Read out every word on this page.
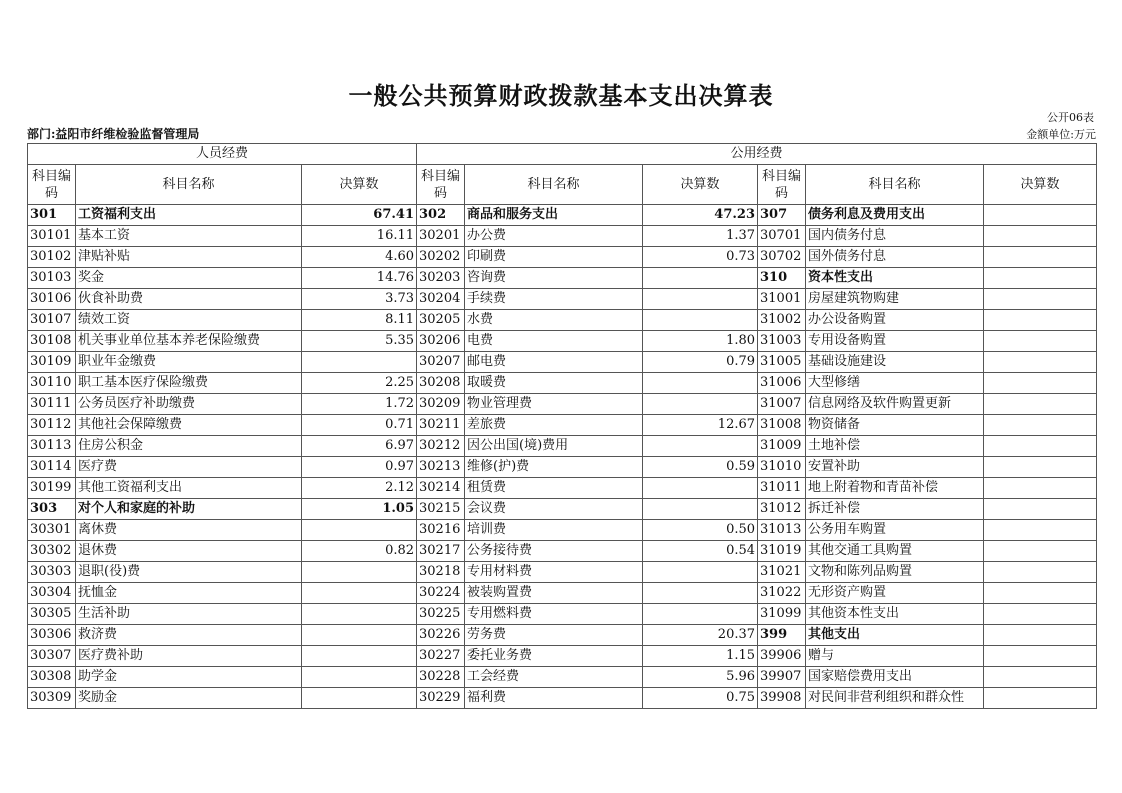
一般公共预算财政拨款基本支出决算表
公开06表
部门:益阳市纤维检验监督管理局	金额单位:万元
人员经费			公用经费					
科目编码	科目名称	决算数	科目编码	科目名称	决算数	科目编码	科目名称	决算数
301	工资福利支出	67.41	302	商品和服务支出	47.23	307	债务利息及费用支出	
30101	基本工资	16.11	30201	办公费	1.37	30701	国内债务付息	
30102	津贴补贴	4.60	30202	印刷费	0.73	30702	国外债务付息	
30103	奖金	14.76	30203	咨询费		310	资本性支出	
30106	伙食补助费	3.73	30204	手续费		31001	房屋建筑物购建	
30107	绩效工资	8.11	30205	水费		31002	办公设备购置	
30108	机关事业单位基本养老保险缴费	5.35	30206	电费	1.80	31003	专用设备购置	
30109	职业年金缴费		30207	邮电费	0.79	31005	基础设施建设	
30110	职工基本医疗保险缴费	2.25	30208	取暖费		31006	大型修缮	
30111	公务员医疗补助缴费	1.72	30209	物业管理费		31007	信息网络及软件购置更新	
30112	其他社会保障缴费	0.71	30211	差旅费	12.67	31008	物资储备	
30113	住房公积金	6.97	30212	因公出国(境)费用		31009	土地补偿	
30114	医疗费	0.97	30213	维修(护)费	0.59	31010	安置补助	
30199	其他工资福利支出	2.12	30214	租赁费		31011	地上附着物和青苗补偿	
303	对个人和家庭的补助	1.05	30215	会议费		31012	拆迁补偿	
30301	离休费		30216	培训费	0.50	31013	公务用车购置	
30302	退休费	0.82	30217	公务接待费	0.54	31019	其他交通工具购置	
30303	退职(役)费		30218	专用材料费		31021	文物和陈列品购置	
30304	抚恤金		30224	被装购置费		31022	无形资产购置	
30305	生活补助		30225	专用燃料费		31099	其他资本性支出	
30306	救济费		30226	劳务费	20.37	399	其他支出	
30307	医疗费补助		30227	委托业务费	1.15	39906	赠与	
30308	助学金		30228	工会经费	5.96	39907	国家赔偿费用支出	
30309	奖励金		30229	福利费	0.75	39908	对民间非营利组织和群众性	
